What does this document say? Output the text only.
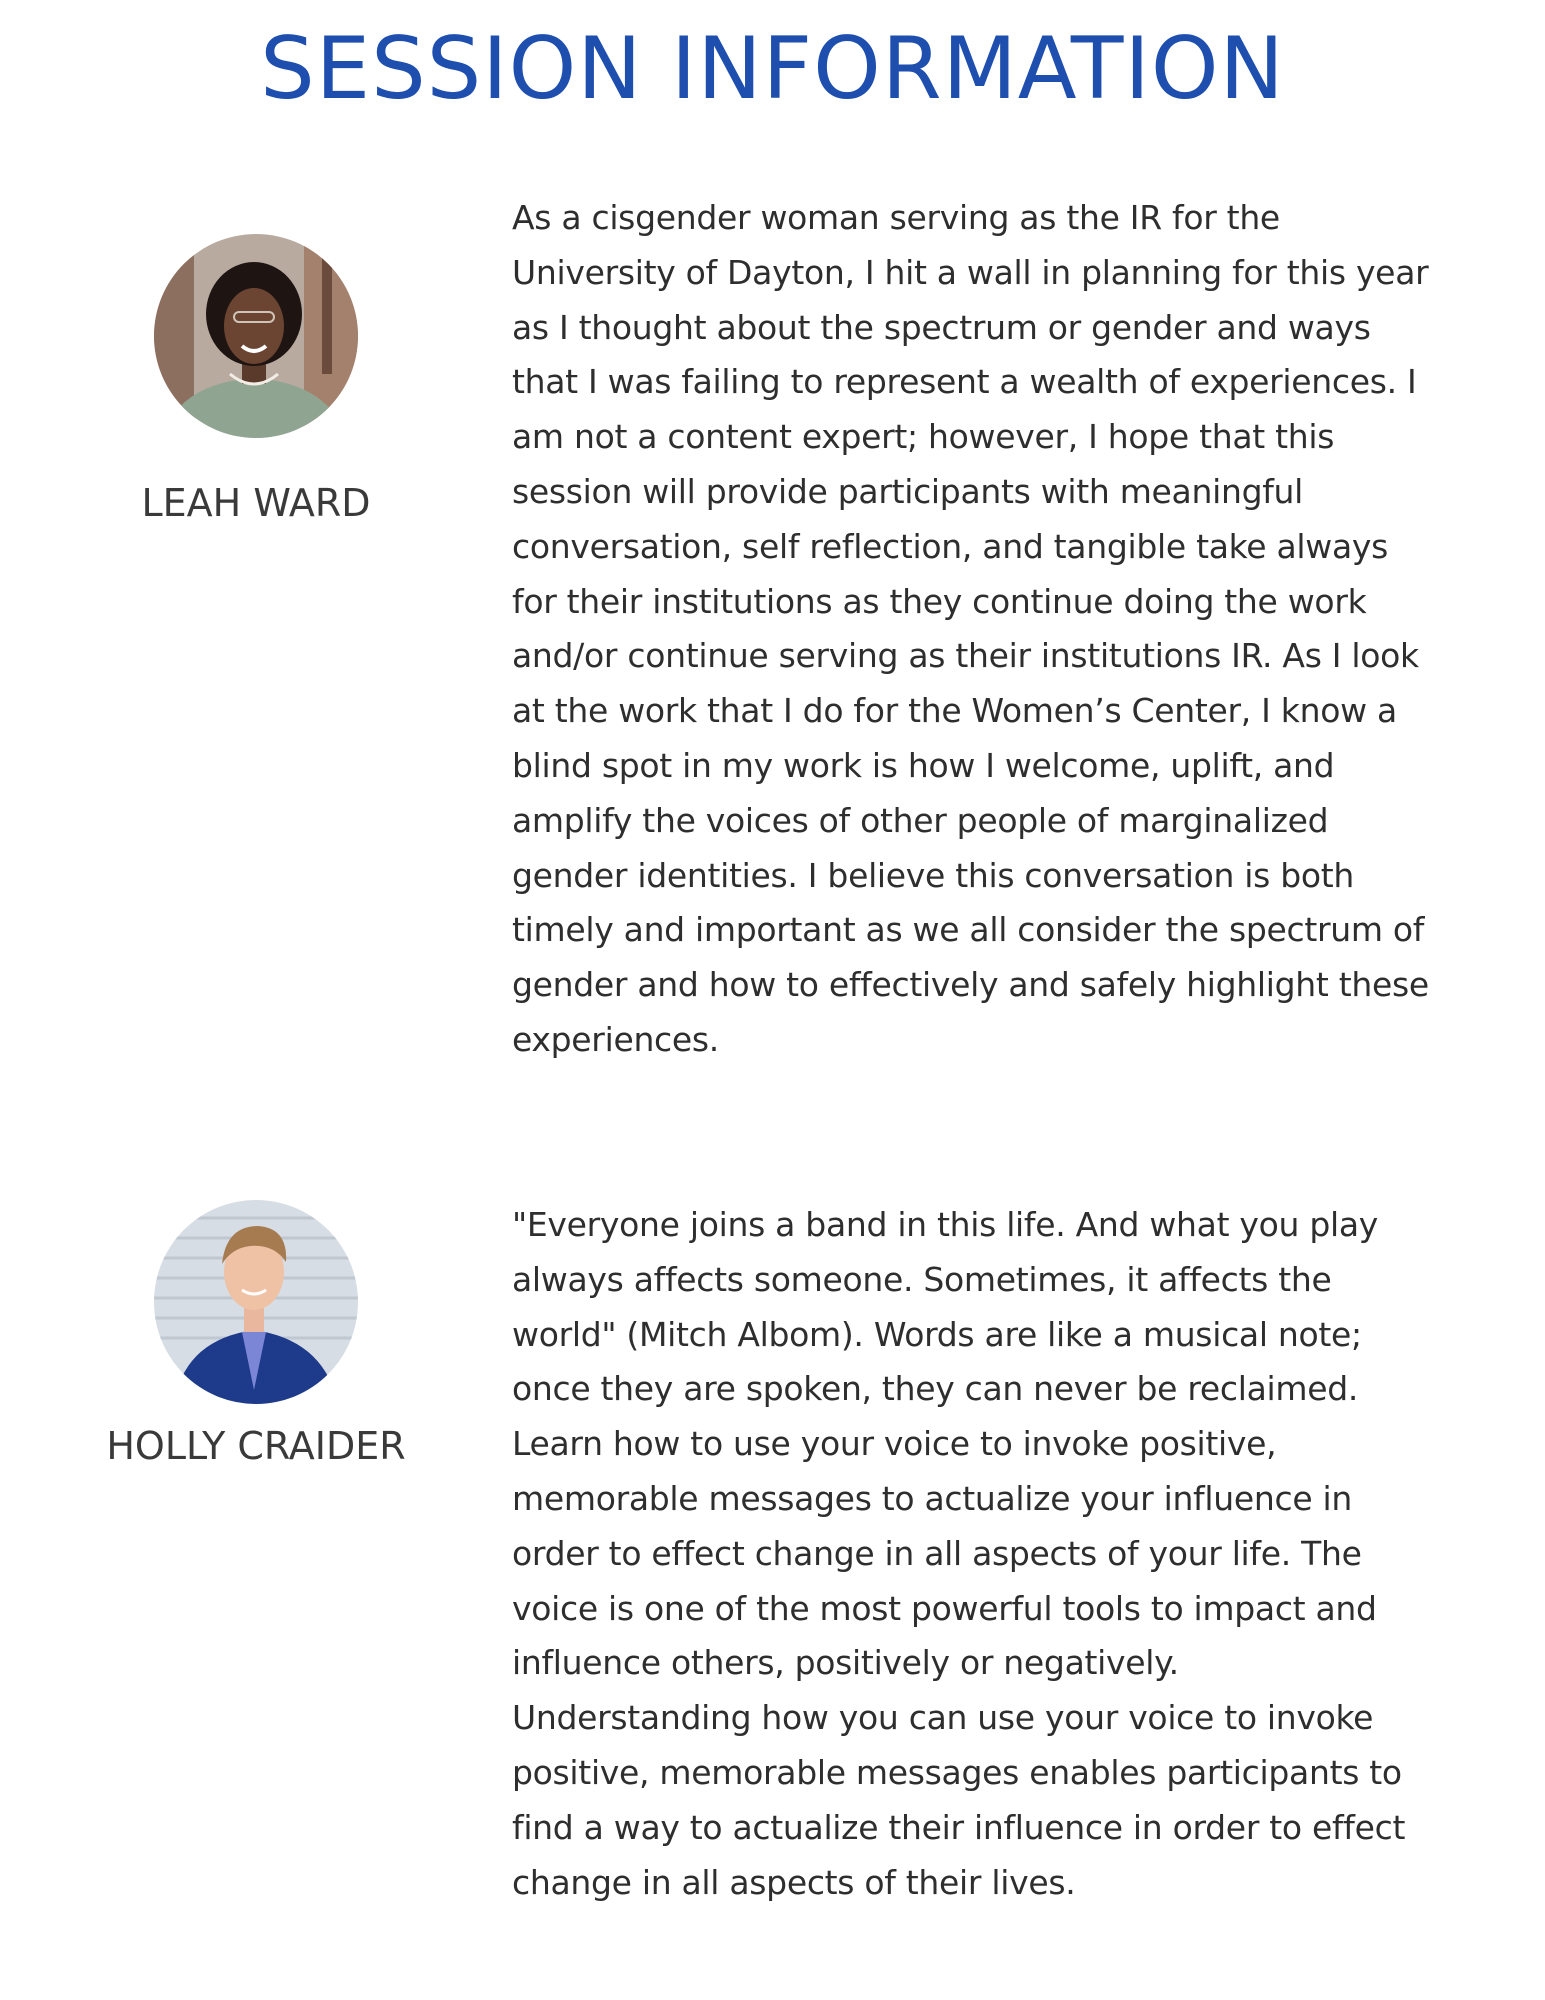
SESSION INFORMATION
LEAH WARD

As a cisgender woman serving as the IR for the
University of Dayton, I hit a wall in planning for this year
as I thought about the spectrum or gender and ways
that I was failing to represent a wealth of experiences. I
am not a content expert; however, I hope that this
session will provide participants with meaningful
conversation, self reflection, and tangible take always
for their institutions as they continue doing the work
and/or continue serving as their institutions IR. As I look
at the work that I do for the Women’s Center, I know a
blind spot in my work is how I welcome, uplift, and
amplify the voices of other people of marginalized
gender identities. I believe this conversation is both
timely and important as we all consider the spectrum of
gender and how to effectively and safely highlight these
experiences.

HOLLY CRAIDER

"Everyone joins a band in this life. And what you play
always affects someone. Sometimes, it affects the
world" (Mitch Albom). Words are like a musical note;
once they are spoken, they can never be reclaimed.
Learn how to use your voice to invoke positive,
memorable messages to actualize your influence in
order to effect change in all aspects of your life. The
voice is one of the most powerful tools to impact and
influence others, positively or negatively.
Understanding how you can use your voice to invoke
positive, memorable messages enables participants to
find a way to actualize their influence in order to effect
change in all aspects of their lives.
